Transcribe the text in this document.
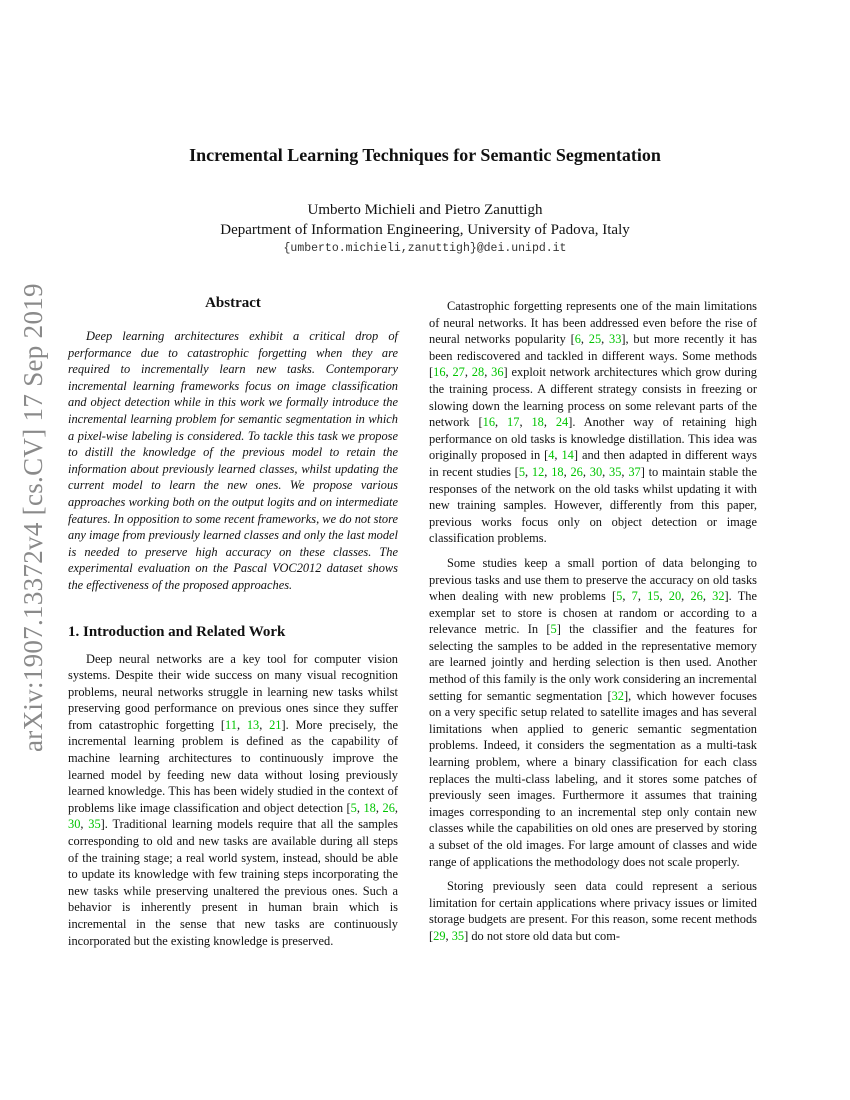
Incremental Learning Techniques for Semantic Segmentation
Umberto Michieli and Pietro Zanuttigh
Department of Information Engineering, University of Padova, Italy
{umberto.michieli,zanuttigh}@dei.unipd.it
arXiv:1907.13372v4 [cs.CV] 17 Sep 2019	Abstract

Deep learning architectures exhibit a critical drop of performance due to catastrophic forgetting when they are required to incrementally learn new tasks. Contemporary incremental learning frameworks focus on image classification and object detection while in this work we formally introduce the incremental learning problem for semantic segmentation in which a pixel-wise labeling is considered. To tackle this task we propose to distill the knowledge of the previous model to retain the information about previously learned classes, whilst updating the current model to learn the new ones. We propose various approaches working both on the output logits and on intermediate features. In opposition to some recent frameworks, we do not store any image from previously learned classes and only the last model is needed to preserve high accuracy on these classes. The experimental evaluation on the Pascal VOC2012 dataset shows the effectiveness of the proposed approaches.

1. Introduction and Related Work

Deep neural networks are a key tool for computer vision systems. Despite their wide success on many visual recognition problems, neural networks struggle in learning new tasks whilst preserving good performance on previous ones since they suffer from catastrophic forgetting [11, 13, 21]. More precisely, the incremental learning problem is defined as the capability of machine learning architectures to continuously improve the learned model by feeding new data without losing previously learned knowledge. This has been widely studied in the context of problems like image classification and object detection [5, 18, 26, 30, 35]. Traditional learning models require that all the samples corresponding to old and new tasks are available during all steps of the training stage; a real world system, instead, should be able to update its knowledge with few training steps incorporating the new tasks while preserving unaltered the previous ones. Such a behavior is inherently present in human brain which is incremental in the sense that new tasks are continuously incorporated but the existing knowledge is preserved.

Catastrophic forgetting represents one of the main limitations of neural networks. It has been addressed even before the rise of neural networks popularity [6, 25, 33], but more recently it has been rediscovered and tackled in different ways. Some methods [16, 27, 28, 36] exploit network architectures which grow during the training process. A different strategy consists in freezing or slowing down the learning process on some relevant parts of the network [16, 17, 18, 24]. Another way of retaining high performance on old tasks is knowledge distillation. This idea was originally proposed in [4, 14] and then adapted in different ways in recent studies [5, 12, 18, 26, 30, 35, 37] to maintain stable the responses of the network on the old tasks whilst updating it with new training samples. However, differently from this paper, previous works focus only on object detection or image classification problems.

Some studies keep a small portion of data belonging to previous tasks and use them to preserve the accuracy on old tasks when dealing with new problems [5, 7, 15, 20, 26, 32]. The exemplar set to store is chosen at random or according to a relevance metric. In [5] the classifier and the features for selecting the samples to be added in the representative memory are learned jointly and herding selection is then used. Another method of this family is the only work considering an incremental setting for semantic segmentation [32], which however focuses on a very specific setup related to satellite images and has several limitations when applied to generic semantic segmentation problems. Indeed, it considers the segmentation as a multi-task learning problem, where a binary classification for each class replaces the multi-class labeling, and it stores some patches of previously seen images. Furthermore it assumes that training images corresponding to an incremental step only contain new classes while the capabilities on old ones are preserved by storing a subset of the old images. For large amount of classes and wide range of applications the methodology does not scale properly.

Storing previously seen data could represent a serious limitation for certain applications where privacy issues or limited storage budgets are present. For this reason, some recent methods [29, 35] do not store old data but com-
